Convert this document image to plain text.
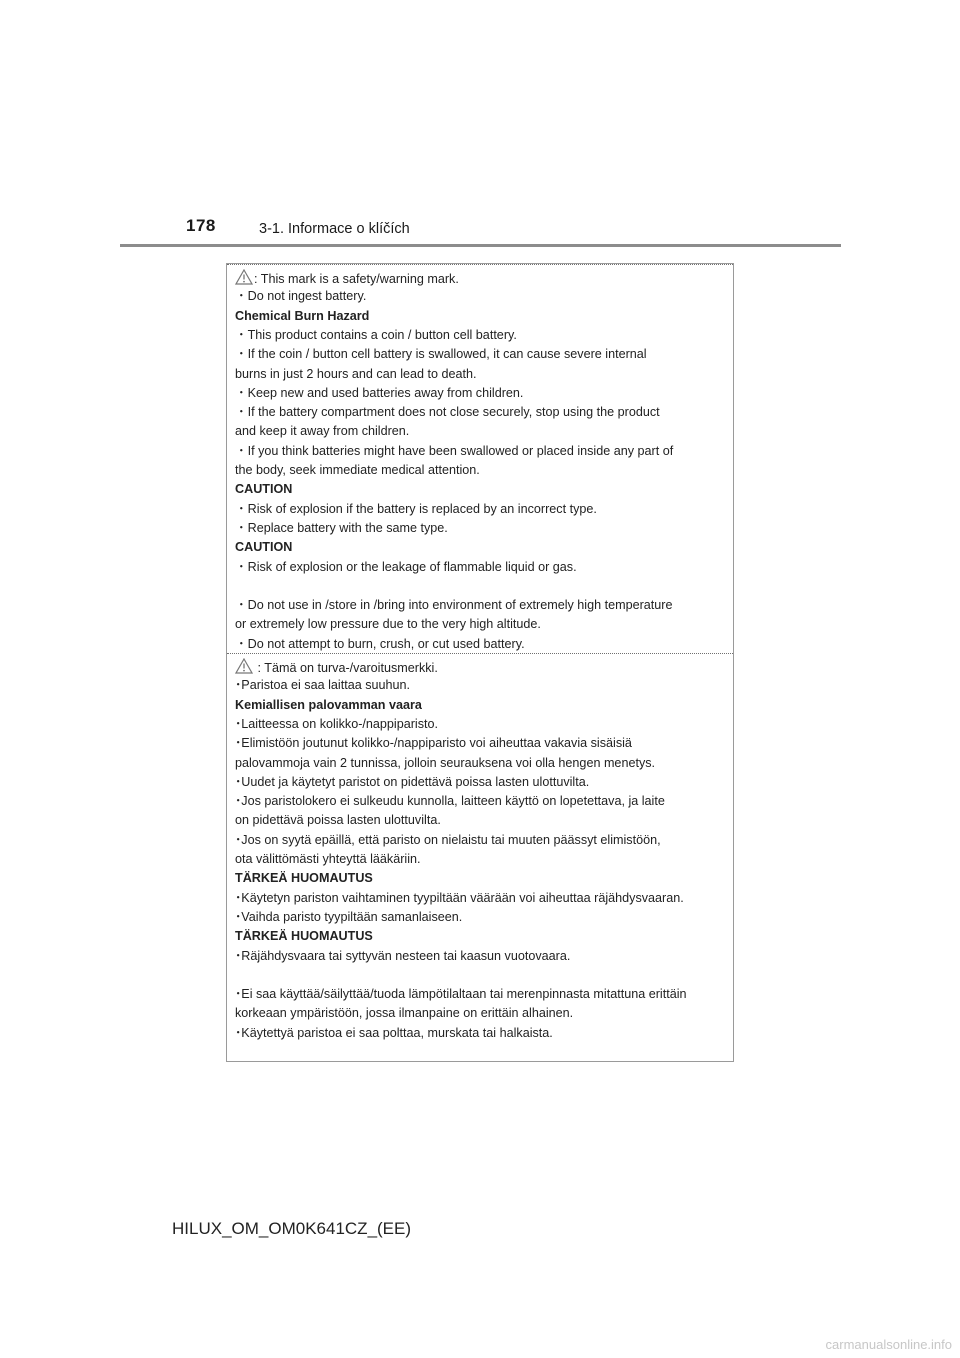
178	3-1. Informace o klíčích
: This mark is a safety/warning mark.
・Do not ingest battery.
Chemical Burn Hazard
・This product contains a coin / button cell battery.
・If the coin / button cell battery is swallowed, it can cause severe internal
burns in just 2 hours and can lead to death.
・Keep new and used batteries away from children.
・If the battery compartment does not close securely, stop using the product
and keep it away from children.
・If you think batteries might have been swallowed or placed inside any part of
the body, seek immediate medical attention.
CAUTION
・Risk of explosion if the battery is replaced by an incorrect type.
・Replace battery with the same type.
CAUTION
・Risk of explosion or the leakage of flammable liquid or gas.
・Do not use in /store in /bring into environment of extremely high temperature
or extremely low pressure due to the very high altitude.
・Do not attempt to burn, crush, or cut used battery.
: Tämä on turva-/varoitusmerkki.
･Paristoa ei saa laittaa suuhun.
Kemiallisen palovamman vaara
･Laitteessa on kolikko-/nappiparisto.
･Elimistöön joutunut kolikko-/nappiparisto voi aiheuttaa vakavia sisäisiä
palovammoja vain 2 tunnissa, jolloin seurauksena voi olla hengen menetys.
･Uudet ja käytetyt paristot on pidettävä poissa lasten ulottuvilta.
･Jos paristolokero ei sulkeudu kunnolla, laitteen käyttö on lopetettava, ja laite
on pidettävä poissa lasten ulottuvilta.
･Jos on syytä epäillä, että paristo on nielaistu tai muuten päässyt elimistöön,
ota välittömästi yhteyttä lääkäriin.
TÄRKEÄ HUOMAUTUS
･Käytetyn pariston vaihtaminen tyypiltään väärään voi aiheuttaa räjähdysvaaran.
･Vaihda paristo tyypiltään samanlaiseen.
TÄRKEÄ HUOMAUTUS
･Räjähdysvaara tai syttyvän nesteen tai kaasun vuotovaara.
･Ei saa käyttää/säilyttää/tuoda lämpötilaltaan tai merenpinnasta mitattuna erittäin
korkeaan ympäristöön, jossa ilmanpaine on erittäin alhainen.
･Käytettyä paristoa ei saa polttaa, murskata tai halkaista.
HILUX_OM_OM0K641CZ_(EE)
carmanualsonline.info
